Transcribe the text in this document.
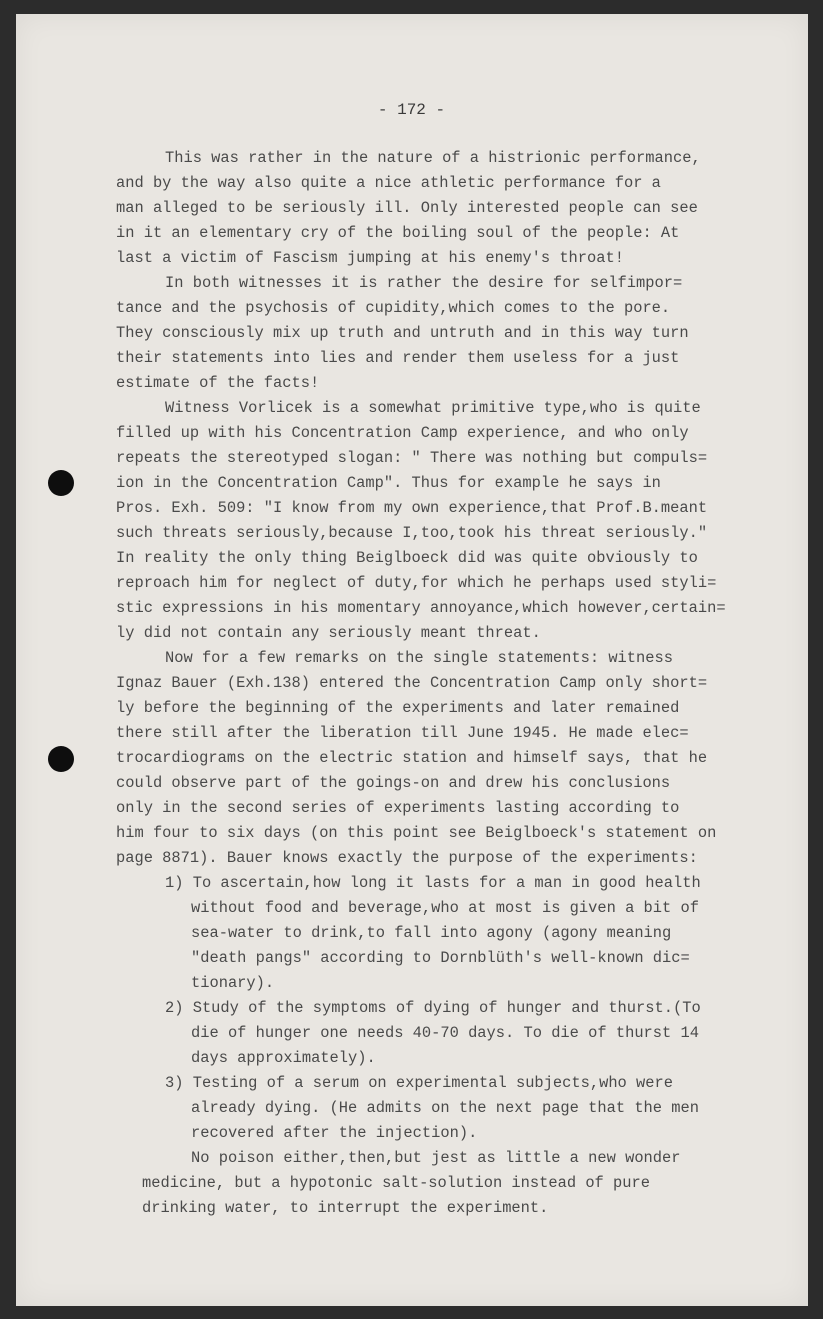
- 172 -
This was rather in the nature of a histrionic performance,
and by the way also quite a nice athletic performance for a
man alleged to be seriously ill. Only interested people can see
in it an elementary cry of the boiling soul of the people: At
last a victim of Fascism jumping at his enemy's throat!
In both witnesses it is rather the desire for selfimpor=
tance and the psychosis of cupidity,which comes to the pore.
They consciously mix up truth and untruth and in this way turn
their statements into lies and render them useless for a just
estimate of the facts!
Witness Vorlicek is a somewhat primitive type,who is quite
filled up with his Concentration Camp experience, and who only
repeats the stereotyped slogan: " There was nothing but compuls=
ion in the Concentration Camp". Thus for example he says in
Pros. Exh. 509: "I know from my own experience,that Prof.B.meant
such threats seriously,because I,too,took his threat seriously."
In reality the only thing Beiglboeck did was quite obviously to
reproach him for neglect of duty,for which he perhaps used styli=
stic expressions in his momentary annoyance,which however,certain=
ly did not contain any seriously meant threat.
Now for a few remarks on the single statements: witness
Ignaz Bauer (Exh.138) entered the Concentration Camp only short=
ly before the beginning of the experiments and later remained
there still after the liberation till June 1945. He made elec=
trocardiograms on the electric station and himself says, that he
could observe part of the goings-on and drew his conclusions
only in the second series of experiments lasting according to
him four to six days (on this point see Beiglboeck's statement on
page 8871). Bauer knows exactly the purpose of the experiments:
1) To ascertain,how long it lasts for a man in good health
without food and beverage,who at most is given a bit of
sea-water to drink,to fall into agony (agony meaning
"death pangs" according to Dornblüth's well-known dic=
tionary).
2) Study of the symptoms of dying of hunger and thurst.(To
die of hunger one needs 40-70 days. To die of thurst 14
days approximately).
3) Testing of a serum on experimental subjects,who were
already dying. (He admits on the next page that the men
recovered after the injection).
No poison either,then,but jest as little a new wonder
medicine, but a hypotonic salt-solution instead of pure
drinking water, to interrupt the experiment.
